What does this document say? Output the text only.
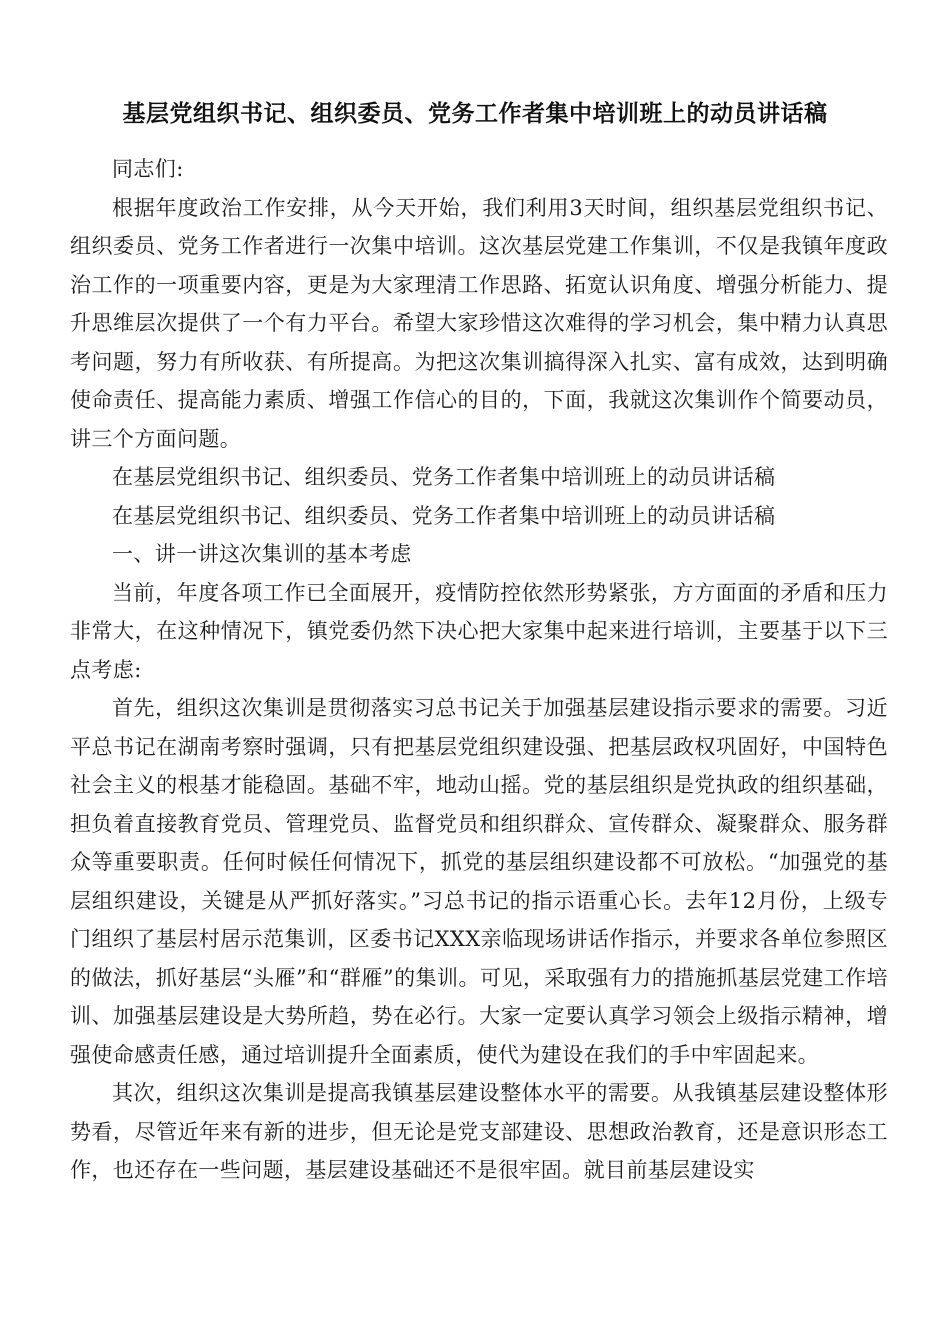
基层党组织书记、组织委员、党务工作者集中培训班上的动员讲话稿

同志们:

根据年度政治工作安排，从今天开始，我们利用3天时间，组织基层党组织书记、组织委员、党务工作者进行一次集中培训。这次基层党建工作集训，不仅是我镇年度政治工作的一项重要内容，更是为大家理清工作思路、拓宽认识角度、增强分析能力、提升思维层次提供了一个有力平台。希望大家珍惜这次难得的学习机会，集中精力认真思考问题，努力有所收获、有所提高。为把这次集训搞得深入扎实、富有成效，达到明确使命责任、提高能力素质、增强工作信心的目的，下面，我就这次集训作个简要动员，讲三个方面问题。

在基层党组织书记、组织委员、党务工作者集中培训班上的动员讲话稿

在基层党组织书记、组织委员、党务工作者集中培训班上的动员讲话稿

一、讲一讲这次集训的基本考虑

当前，年度各项工作已全面展开，疫情防控依然形势紧张，方方面面的矛盾和压力非常大，在这种情况下，镇党委仍然下决心把大家集中起来进行培训，主要基于以下三点考虑:

首先，组织这次集训是贯彻落实习总书记关于加强基层建设指示要求的需要。习近平总书记在湖南考察时强调，只有把基层党组织建设强、把基层政权巩固好，中国特色社会主义的根基才能稳固。基础不牢，地动山摇。党的基层组织是党执政的组织基础，担负着直接教育党员、管理党员、监督党员和组织群众、宣传群众、凝聚群众、服务群众等重要职责。任何时候任何情况下，抓党的基层组织建设都不可放松。“加强党的基层组织建设，关键是从严抓好落实。”习总书记的指示语重心长。去年12月份，上级专门组织了基层村居示范集训，区委书记XXX亲临现场讲话作指示，并要求各单位参照区的做法，抓好基层“头雁”和“群雁”的集训。可见，采取强有力的措施抓基层党建工作培训、加强基层建设是大势所趋，势在必行。大家一定要认真学习领会上级指示精神，增强使命感责任感，通过培训提升全面素质，使代为建设在我们的手中牢固起来。

其次，组织这次集训是提高我镇基层建设整体水平的需要。从我镇基层建设整体形势看，尽管近年来有新的进步，但无论是党支部建设、思想政治教育，还是意识形态工作，也还存在一些问题，基层建设基础还不是很牢固。就目前基层建设实
